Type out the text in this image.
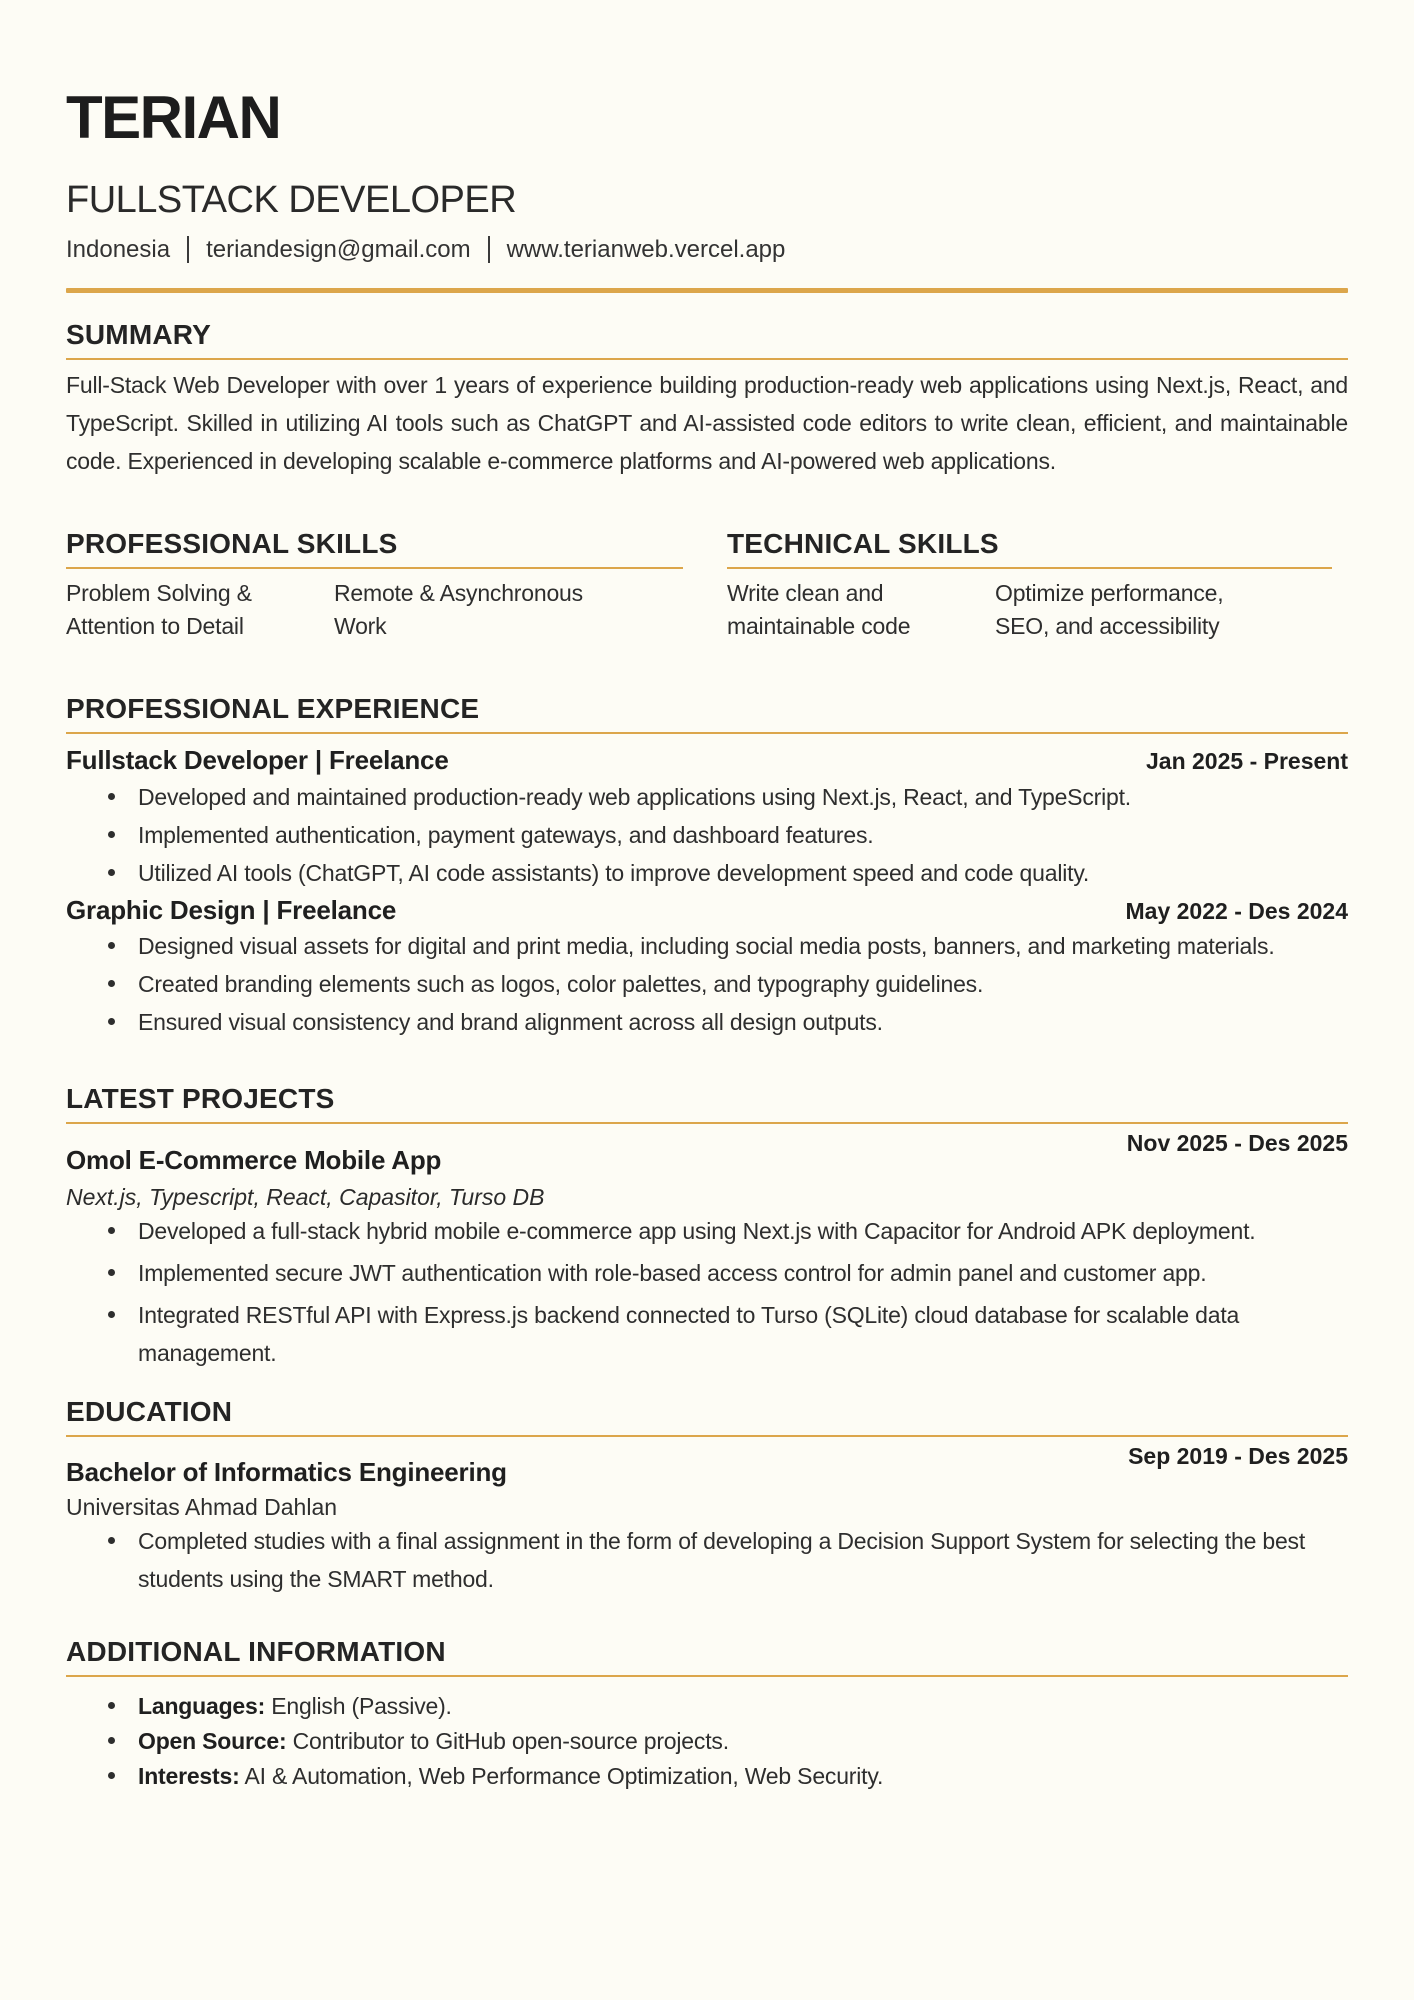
TERIAN
FULLSTACK DEVELOPER
Indonesia teriandesign@gmail.com www.terianweb.vercel.app
SUMMARY

Full-Stack Web Developer with over 1 years of experience building production-ready web applications using Next.js, React, and TypeScript. Skilled in utilizing AI tools such as ChatGPT and AI-assisted code editors to write clean, efficient, and maintainable code. Experienced in developing scalable e-commerce platforms and AI-powered web applications.

PROFESSIONAL SKILLS
Problem Solving & Attention to Detail
Remote & Asynchronous Work
TECHNICAL SKILLS
Write clean and maintainable code
Optimize performance, SEO, and accessibility
PROFESSIONAL EXPERIENCE
Fullstack Developer | Freelance	Jan 2025 - Present
Developed and maintained production-ready web applications using Next.js, React, and TypeScript.
Implemented authentication, payment gateways, and dashboard features.
Utilized AI tools (ChatGPT, AI code assistants) to improve development speed and code quality.
Graphic Design | Freelance	May 2022 - Des 2024
Designed visual assets for digital and print media, including social media posts, banners, and marketing materials.
Created branding elements such as logos, color palettes, and typography guidelines.
Ensured visual consistency and brand alignment across all design outputs.
LATEST PROJECTS
Nov 2025 - Des 2025
Omol E-Commerce Mobile App
Next.js, Typescript, React, Capasitor, Turso DB
Developed a full-stack hybrid mobile e-commerce app using Next.js with Capacitor for Android APK deployment.
Implemented secure JWT authentication with role-based access control for admin panel and customer app.
Integrated RESTful API with Express.js backend connected to Turso (SQLite) cloud database for scalable data management.
EDUCATION
Sep 2019 - Des 2025
Bachelor of Informatics Engineering
Universitas Ahmad Dahlan
Completed studies with a final assignment in the form of developing a Decision Support System for selecting the best students using the SMART method.
ADDITIONAL INFORMATION
Languages: English (Passive).
Open Source: Contributor to GitHub open-source projects.
Interests: AI & Automation, Web Performance Optimization, Web Security.
